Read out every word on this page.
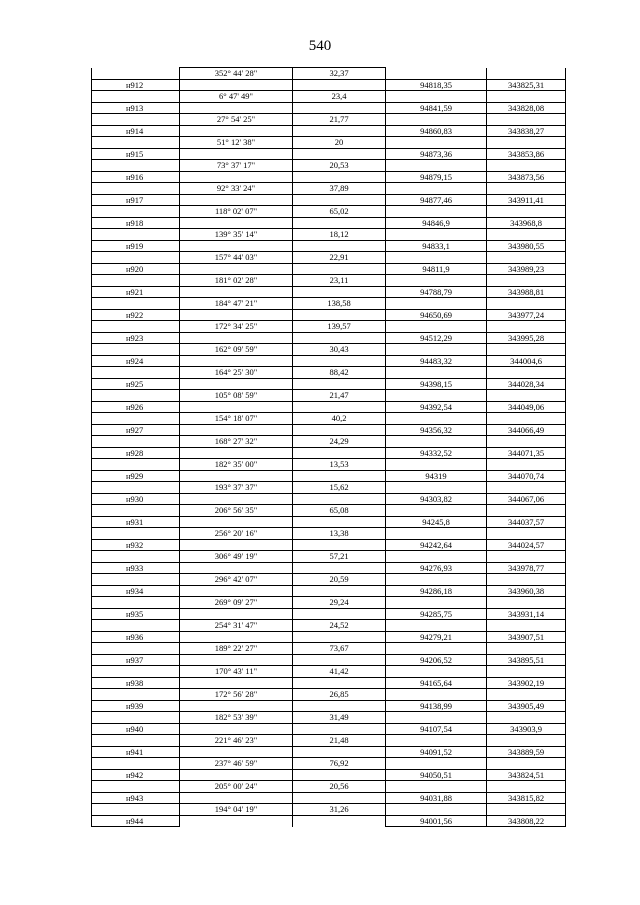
540
	352° 44' 28"	32,37		
н912			94818,35	343825,31
	6° 47' 49"	23,4		
н913			94841,59	343828,08
	27° 54' 25"	21,77		
н914			94860,83	343838,27
	51° 12' 38"	20		
н915			94873,36	343853,86
	73° 37' 17"	20,53		
н916			94879,15	343873,56
	92° 33' 24"	37,89		
н917			94877,46	343911,41
	118° 02' 07"	65,02		
н918			94846,9	343968,8
	139° 35' 14"	18,12		
н919			94833,1	343980,55
	157° 44' 03"	22,91		
н920			94811,9	343989,23
	181° 02' 28"	23,11		
н921			94788,79	343988,81
	184° 47' 21"	138,58		
н922			94650,69	343977,24
	172° 34' 25"	139,57		
н923			94512,29	343995,28
	162° 09' 59"	30,43		
н924			94483,32	344004,6
	164° 25' 30"	88,42		
н925			94398,15	344028,34
	105° 08' 59"	21,47		
н926			94392,54	344049,06
	154° 18' 07"	40,2		
н927			94356,32	344066,49
	168° 27' 32"	24,29		
н928			94332,52	344071,35
	182° 35' 00"	13,53		
н929			94319	344070,74
	193° 37' 37"	15,62		
н930			94303,82	344067,06
	206° 56' 35"	65,08		
н931			94245,8	344037,57
	256° 20' 16"	13,38		
н932			94242,64	344024,57
	306° 49' 19"	57,21		
н933			94276,93	343978,77
	296° 42' 07"	20,59		
н934			94286,18	343960,38
	269° 09' 27"	29,24		
н935			94285,75	343931,14
	254° 31' 47"	24,52		
н936			94279,21	343907,51
	189° 22' 27"	73,67		
н937			94206,52	343895,51
	170° 43' 11"	41,42		
н938			94165,64	343902,19
	172° 56' 28"	26,85		
н939			94138,99	343905,49
	182° 53' 39"	31,49		
н940			94107,54	343903,9
	221° 46' 23"	21,48		
н941			94091,52	343889,59
	237° 46' 59"	76,92		
н942			94050,51	343824,51
	205° 00' 24"	20,56		
н943			94031,88	343815,82
	194° 04' 19"	31,26		
н944			94001,56	343808,22
